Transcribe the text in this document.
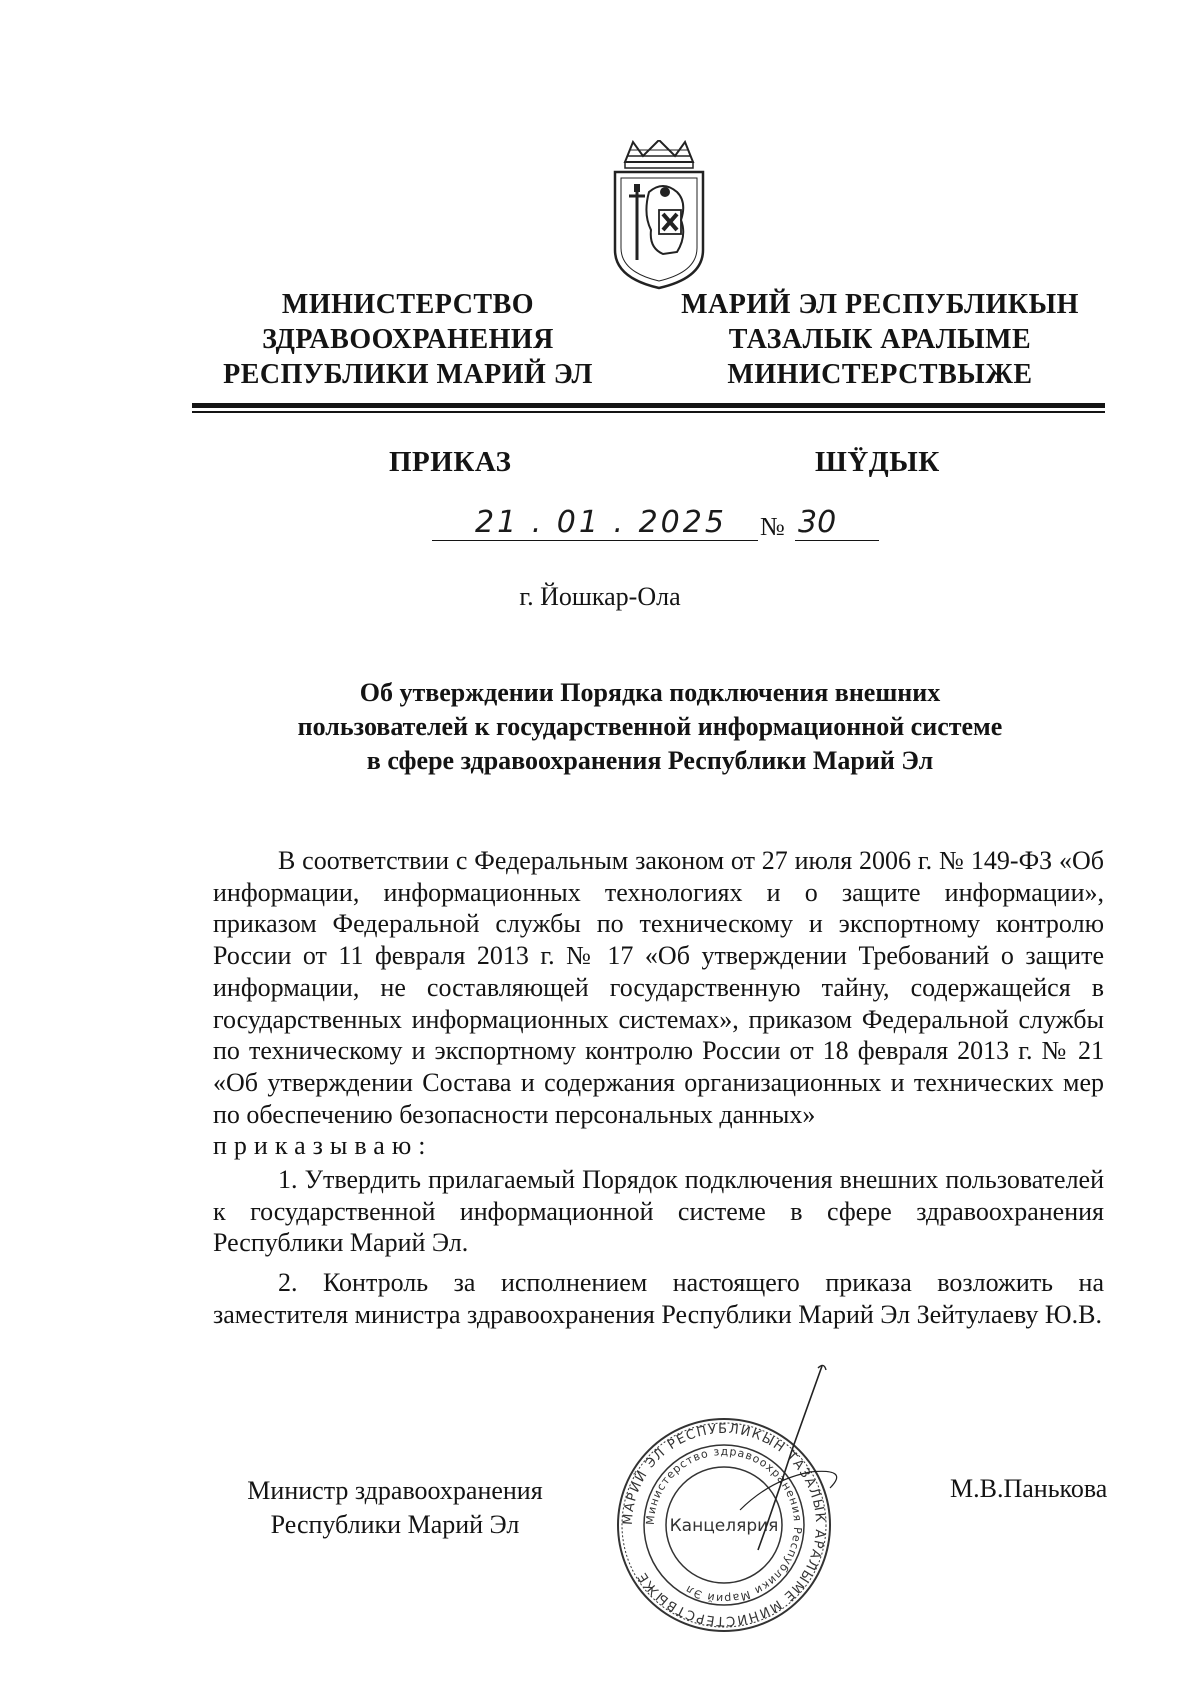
МИНИСТЕРСТВО
ЗДРАВООХРАНЕНИЯ
РЕСПУБЛИКИ МАРИЙ ЭЛ
МАРИЙ ЭЛ РЕСПУБЛИКЫН
ТАЗАЛЫК АРАЛЫМЕ
МИНИСТЕРСТВЫЖЕ
ПРИКАЗ	ШŸДЫК
21 . 01 . 2025 № 30
г. Йошкар-Ола
Об утверждении Порядка подключения внешних
пользователей к государственной информационной системе
в сфере здравоохранения Республики Марий Эл

В соответствии с Федеральным законом от 27 июля 2006 г. № 149-ФЗ «Об информации, информационных технологиях и о защите информации», приказом Федеральной службы по техническому и экспортному контролю России от 11 февраля 2013 г. № 17 «Об утверждении Требований о защите информации, не составляющей государственную тайну, содержащейся в государственных информационных системах», приказом Федеральной службы по техническому и экспортному контролю России от 18 февраля 2013 г. № 21 «Об утверждении Состава и содержания организационных и технических мер по обеспечению безопасности персональных данных»

приказываю:

1. Утвердить прилагаемый Порядок подключения внешних пользователей к государственной информационной системе в сфере здравоохранения Республики Марий Эл.

2. Контроль за исполнением настоящего приказа возложить на заместителя министра здравоохранения Республики Марий Эл Зейтулаеву Ю.В.

Министр здравоохранения
Республики Марий Эл
М.В.Панькова
МАРИЙ ЭЛ РЕСПУБЛИКЫН ТАЗАЛЫК АРАЛЫМЕ МИНИСТЕРСТВЫЖЕ
Министерство здравоохранения Республики Марий Эл
Канцелярия
